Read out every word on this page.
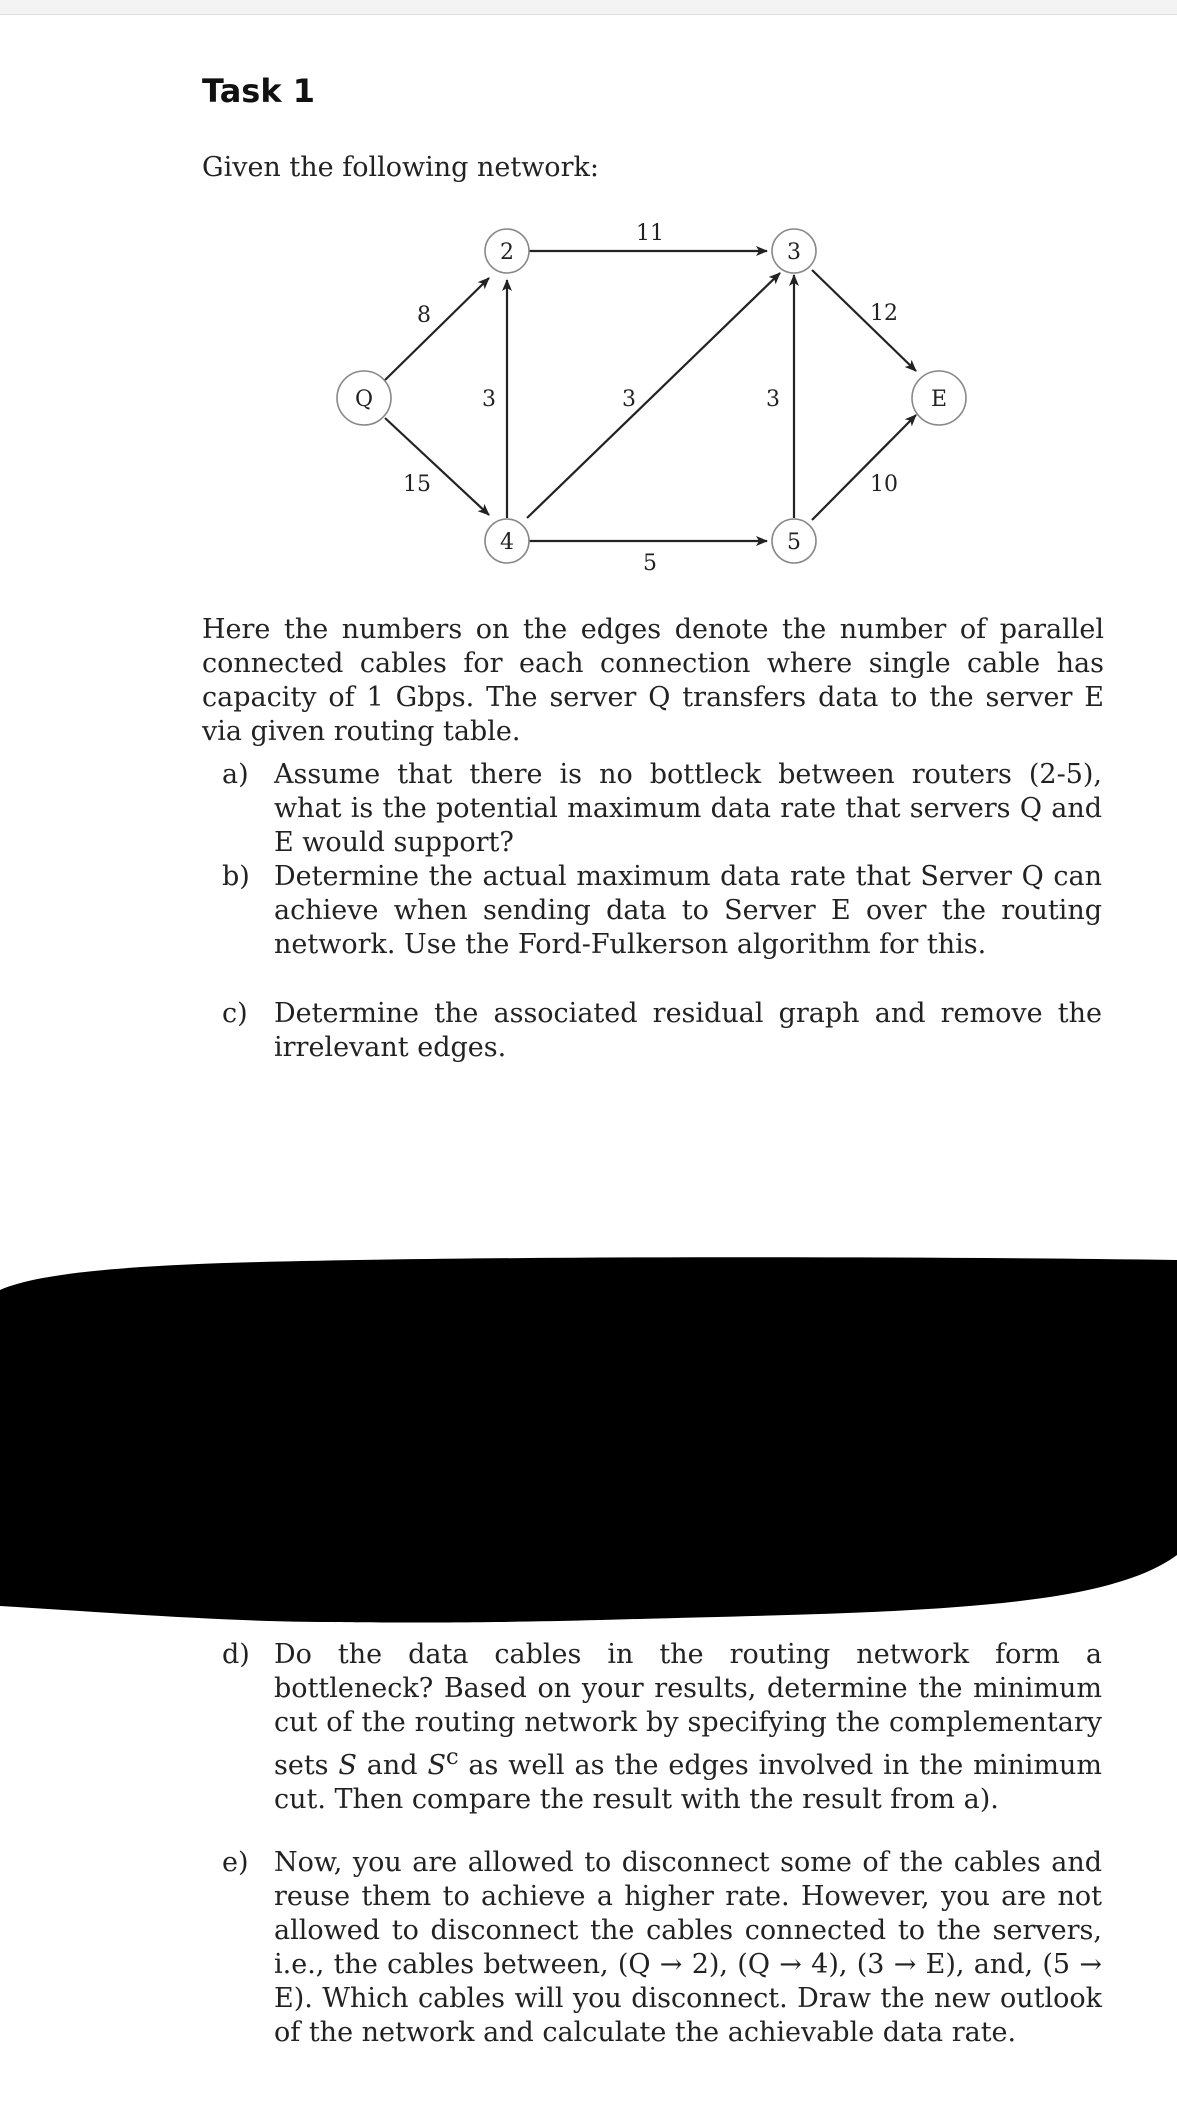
Task 1
Given the following network:
Q
2	3
4	5
E
8
15
3
11
3
5
3
12
10
Here the numbers on the edges denote the number of parallel connected cables for each connection where single cable has capacity of 1 Gbps. The server Q transfers data to the server E via given routing table.
a) Assume that there is no bottleck between routers (2-5), what is the potential maximum data rate that servers Q and E would support?
b) Determine the actual maximum data rate that Server Q can achieve when sending data to Server E over the routing network. Use the Ford-Fulkerson algorithm for this.
c) Determine the associated residual graph and remove the irrelevant edges.
d) Do the data cables in the routing network form a bottleneck? Based on your results, determine the minimum cut of the routing network by specifying the complementary sets S and $S^c$ as well as the edges involved in the minimum cut. Then compare the result with the result from a).
e) Now, you are allowed to disconnect some of the cables and reuse them to achieve a higher rate. However, you are not allowed to disconnect the cables connected to the servers, i.e., the cables between, (Q → 2), (Q → 4), (3 → E), and, (5 → E). Which cables will you disconnect. Draw the new outlook of the network and calculate the achievable data rate.
